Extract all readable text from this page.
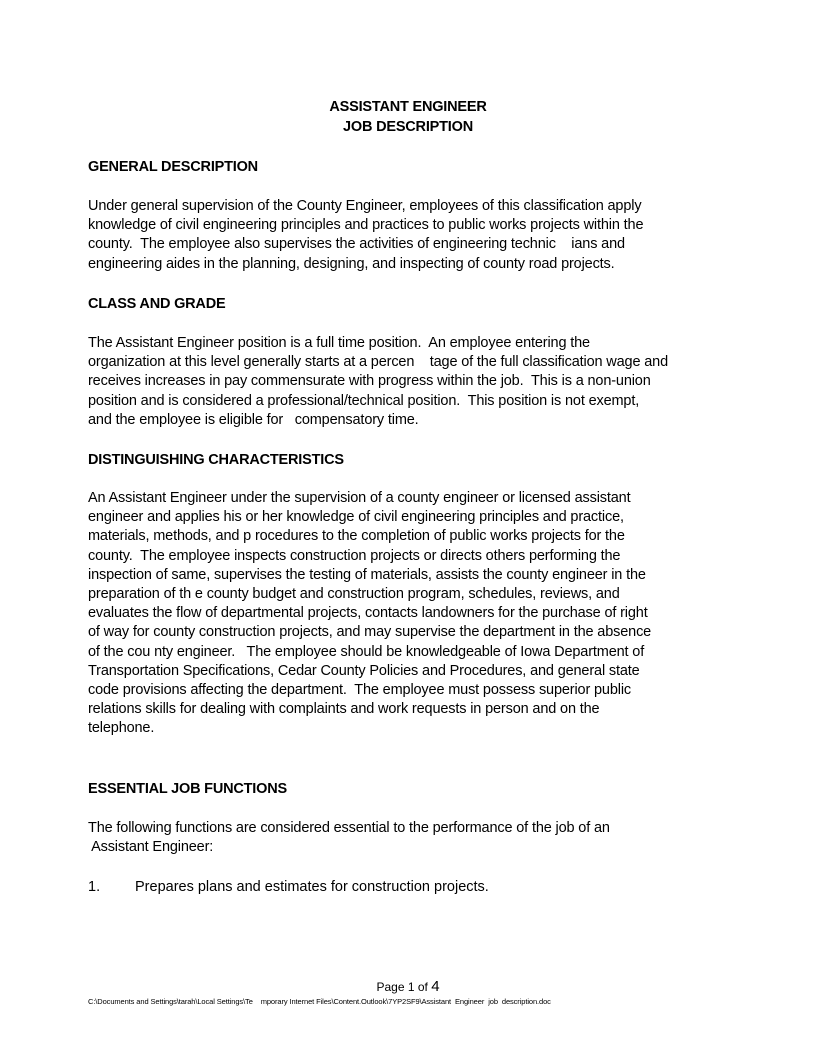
ASSISTANT ENGINEER
JOB DESCRIPTION
GENERAL DESCRIPTION
Under general supervision of the County Engineer, employees of this classification apply
knowledge of civil engineering principles and practices to public works projects within the
county.  The employee also supervises the activities of engineering technic    ians and
engineering aides in the planning, designing, and inspecting of county road projects.
CLASS AND GRADE
The Assistant Engineer position is a full time position.  An employee entering the
organization at this level generally starts at a percen    tage of the full classification wage and
receives increases in pay commensurate with progress within the job.  This is a non-union
position and is considered a professional/technical position.  This position is not exempt,
and the employee is eligible for   compensatory time.
DISTINGUISHING CHARACTERISTICS
An Assistant Engineer under the supervision of a county engineer or licensed assistant
engineer and applies his or her knowledge of civil engineering principles and practice,
materials, methods, and p rocedures to the completion of public works projects for the
county.  The employee inspects construction projects or directs others performing the
inspection of same, supervises the testing of materials, assists the county engineer in the
preparation of th e county budget and construction program, schedules, reviews, and
evaluates the flow of departmental projects, contacts landowners for the purchase of right
of way for county construction projects, and may supervise the department in the absence
of the cou nty engineer.   The employee should be knowledgeable of Iowa Department of
Transportation Specifications, Cedar County Policies and Procedures, and general state
code provisions affecting the department.  The employee must possess superior public
relations skills for dealing with complaints and work requests in person and on the
telephone.
ESSENTIAL JOB FUNCTIONS
The following functions are considered essential to the performance of the job of an
Assistant Engineer:
1. Prepares plans and estimates for construction projects.
Page 1 of 4
C:\Documents and Settings\tarah\Local Settings\Te    mporary Internet Files\Content.Outlook\7YP2SF9\Assistant  Engineer  job  description.doc
